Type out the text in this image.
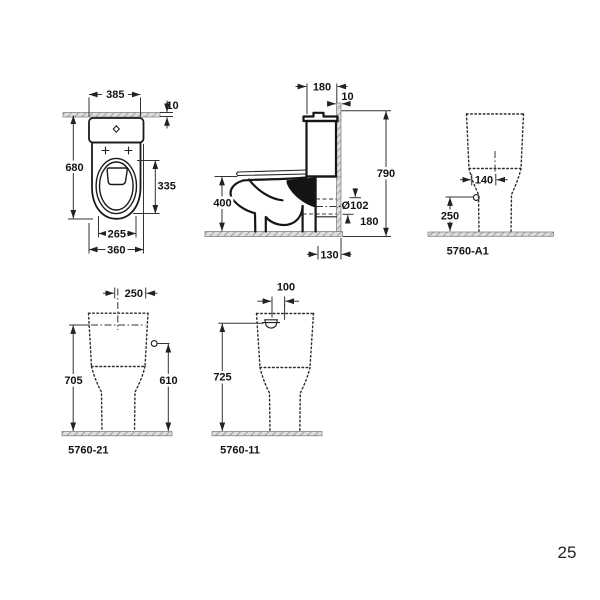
385
10
680
335
265
360
180
10
790
400	Ø102
180
130
140
250
5760-A1
250
705	610
5760-21
100
725
5760-11
25
